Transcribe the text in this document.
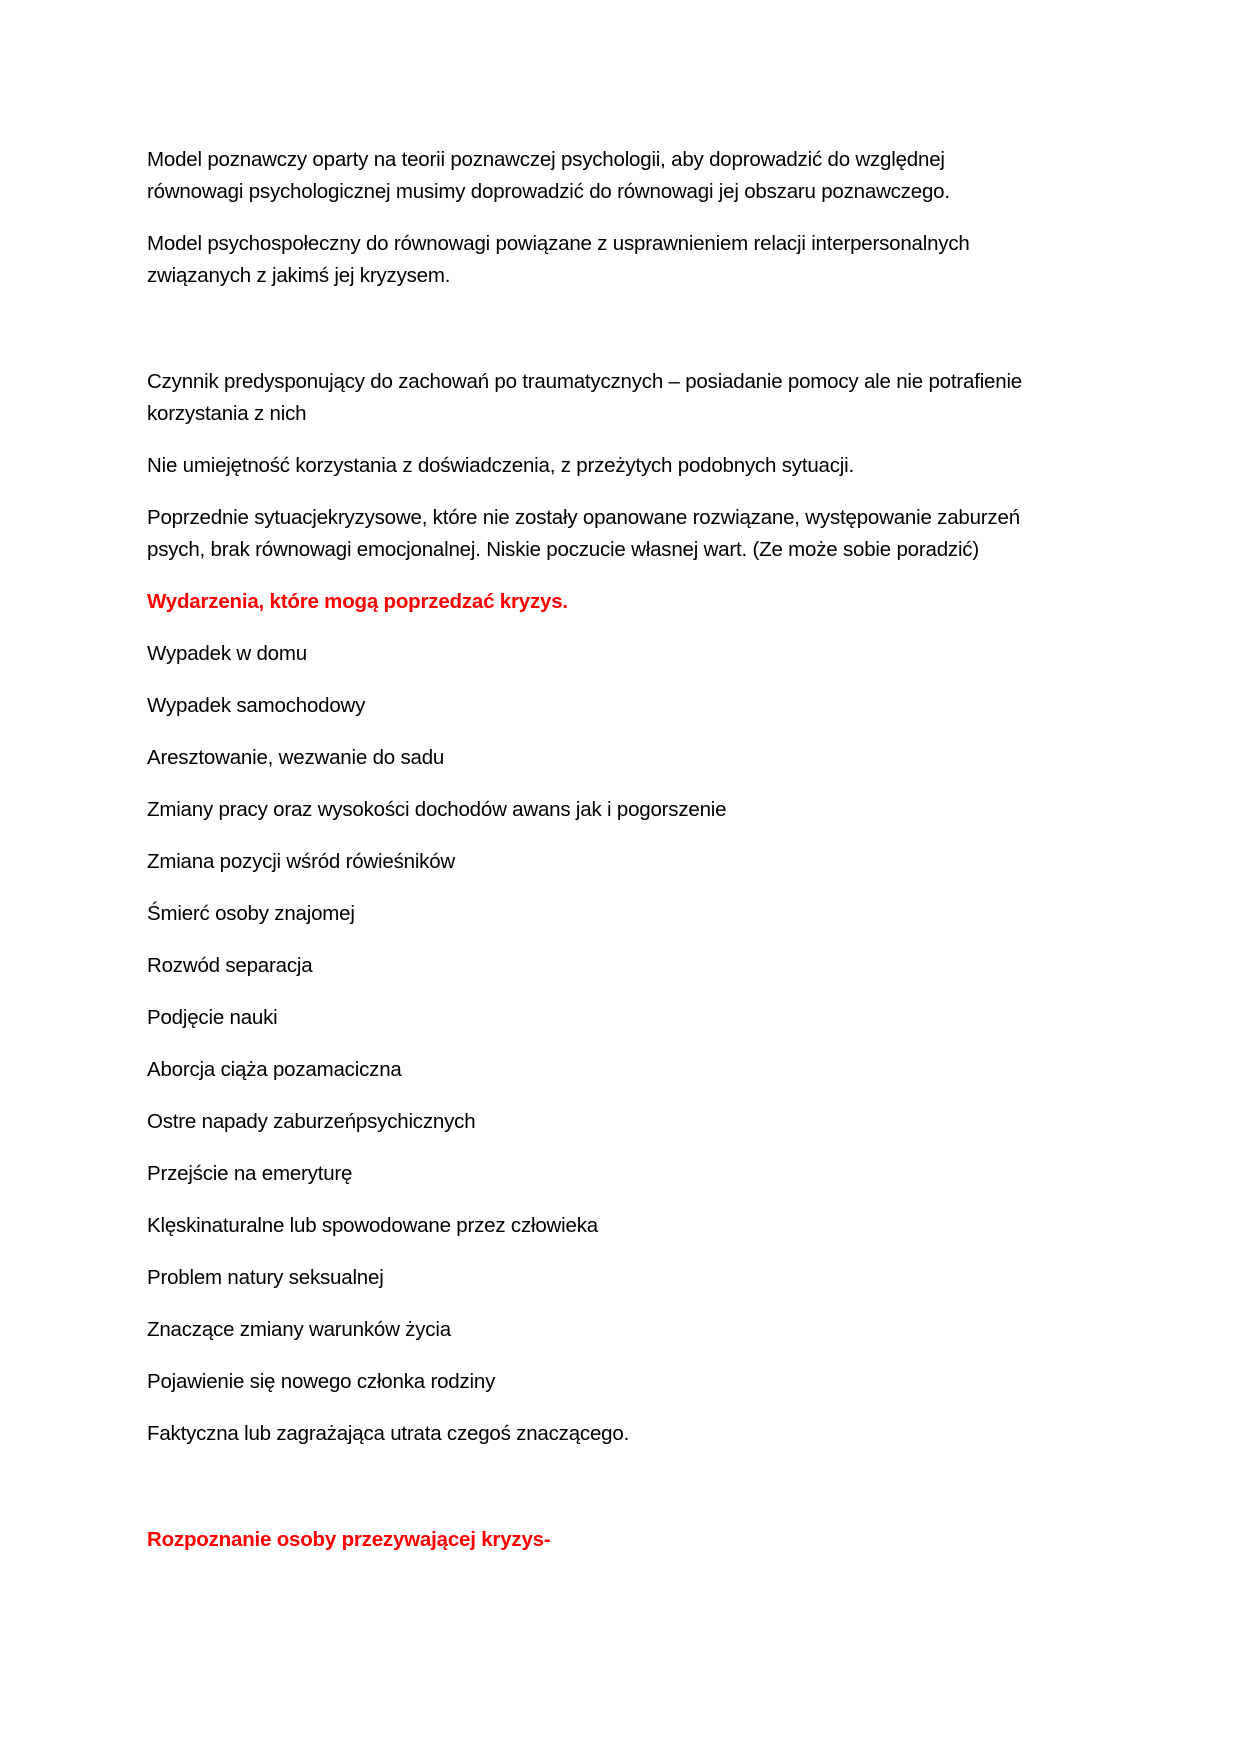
Model poznawczy oparty na teorii poznawczej psychologii, aby doprowadzić do względnej
równowagi psychologicznej musimy doprowadzić do równowagi jej obszaru poznawczego.

Model psychospołeczny do równowagi powiązane z usprawnieniem relacji interpersonalnych
związanych z jakimś jej kryzysem.

Czynnik predysponujący do zachowań po traumatycznych – posiadanie pomocy ale nie potrafienie
korzystania z nich

Nie umiejętność korzystania z doświadczenia, z przeżytych podobnych sytuacji.

Poprzednie sytuacjekryzysowe, które nie zostały opanowane rozwiązane, występowanie zaburzeń
psych, brak równowagi emocjonalnej. Niskie poczucie własnej wart. (Ze może sobie poradzić)

Wydarzenia, które mogą poprzedzać kryzys.

Wypadek w domu

Wypadek samochodowy

Aresztowanie, wezwanie do sadu

Zmiany pracy oraz wysokości dochodów awans jak i pogorszenie

Zmiana pozycji wśród rówieśników

Śmierć osoby znajomej

Rozwód separacja

Podjęcie nauki

Aborcja ciąża pozamaciczna

Ostre napady zaburzeńpsychicznych

Przejście na emeryturę

Klęskinaturalne lub spowodowane przez człowieka

Problem natury seksualnej

Znaczące zmiany warunków życia

Pojawienie się nowego członka rodziny

Faktyczna lub zagrażająca utrata czegoś znaczącego.

Rozpoznanie osoby przezywającej kryzys-
